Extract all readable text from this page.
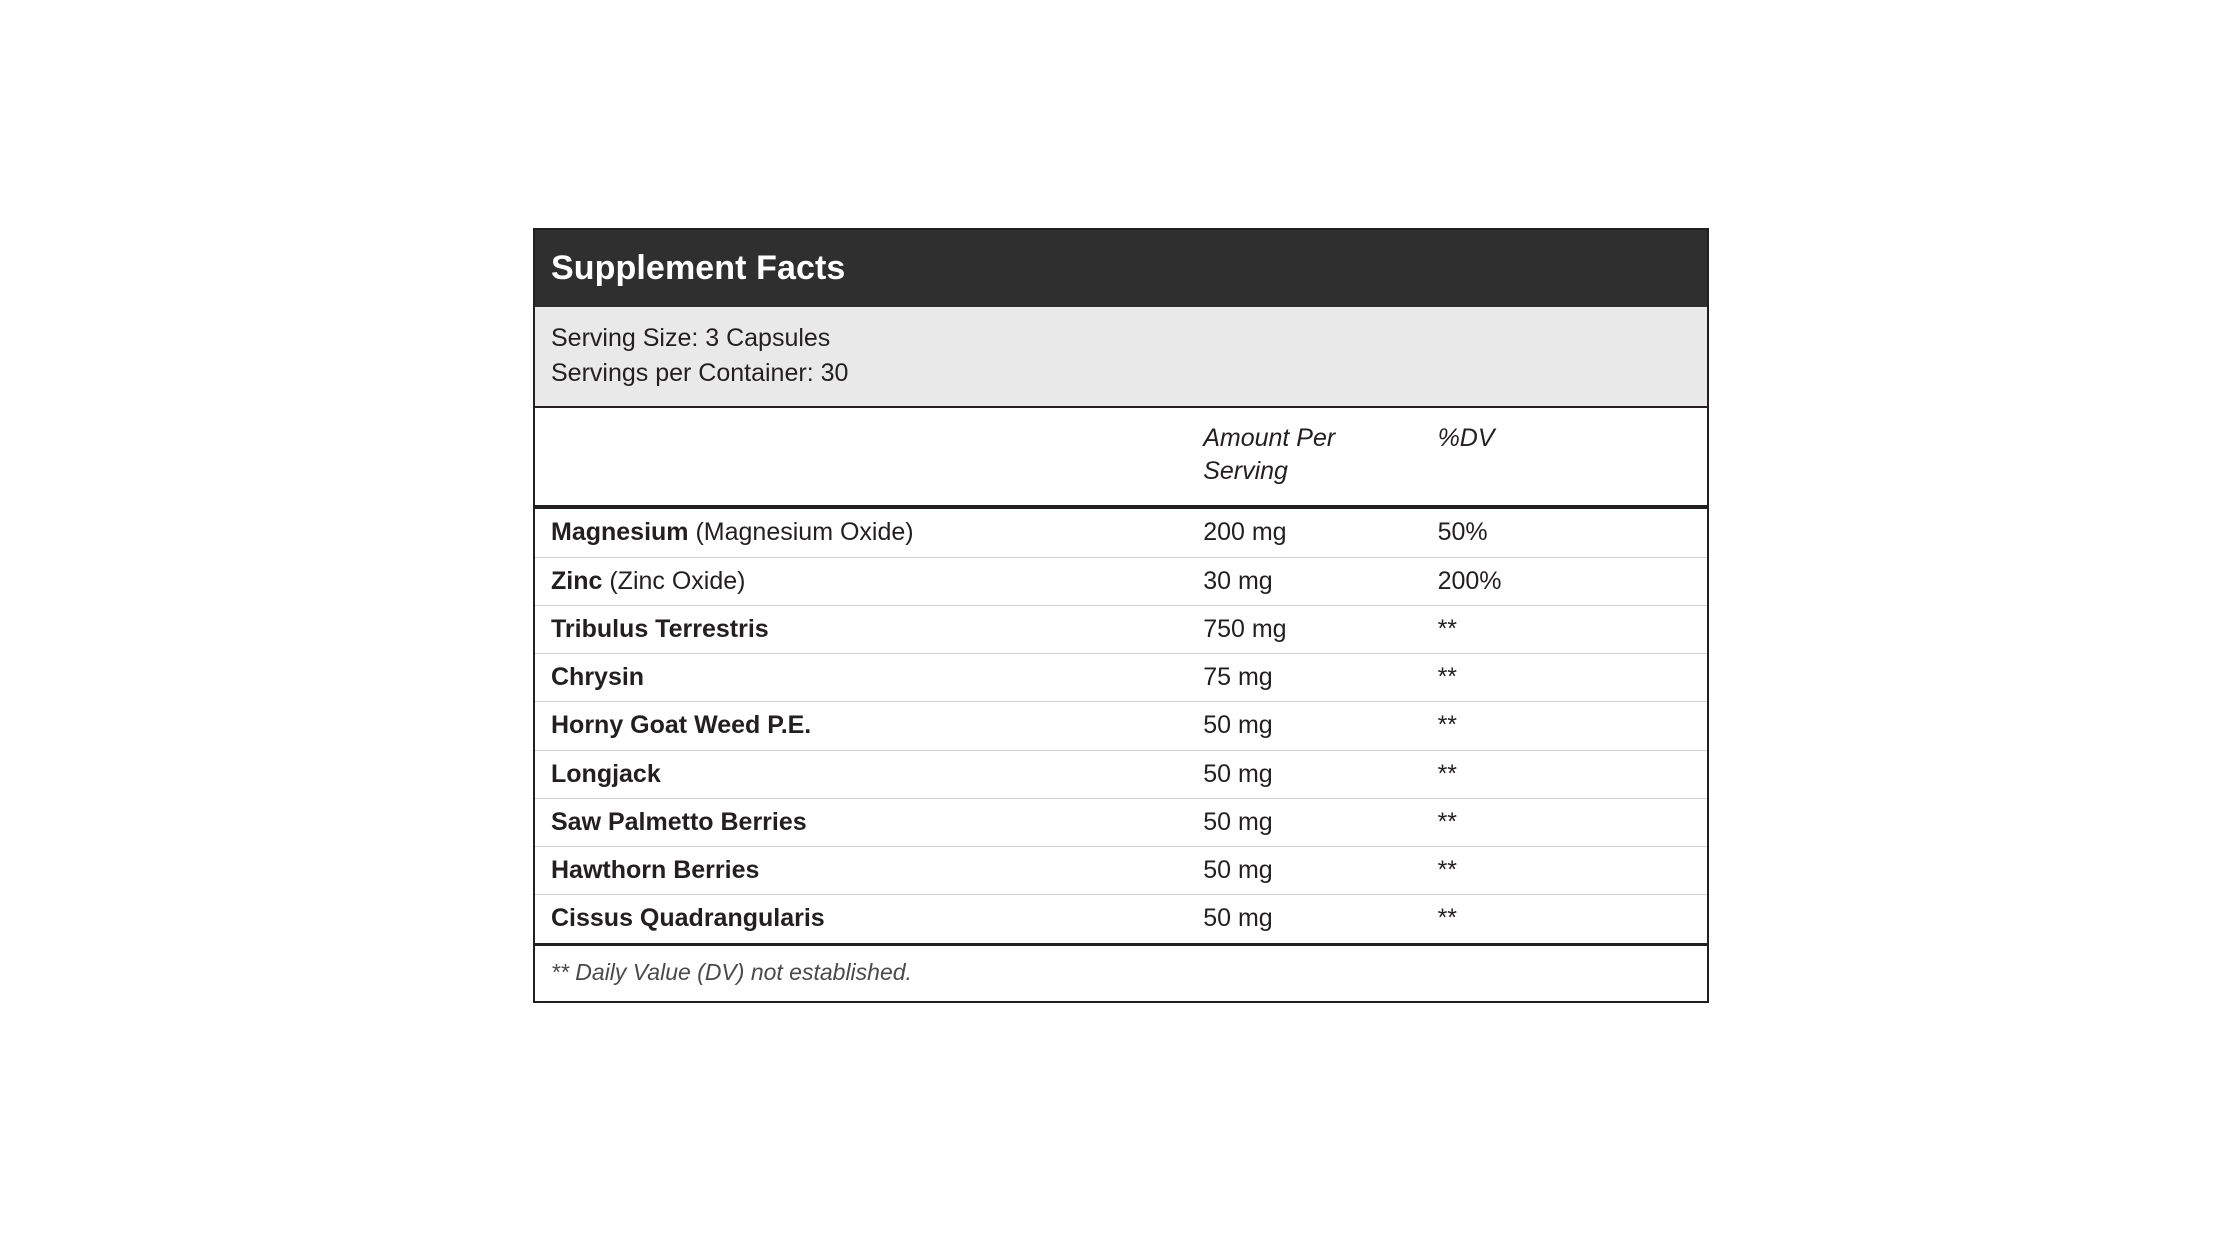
Supplement Facts
Serving Size: 3 Capsules
Servings per Container: 30

	Amount Per Serving	%DV
Magnesium (Magnesium Oxide)	200 mg	50%
Zinc (Zinc Oxide)	30 mg	200%
Tribulus Terrestris	750 mg	**
Chrysin	75 mg	**
Horny Goat Weed P.E.	50 mg	**
Longjack	50 mg	**
Saw Palmetto Berries	50 mg	**
Hawthorn Berries	50 mg	**
Cissus Quadrangularis	50 mg	**
** Daily Value (DV) not established.
